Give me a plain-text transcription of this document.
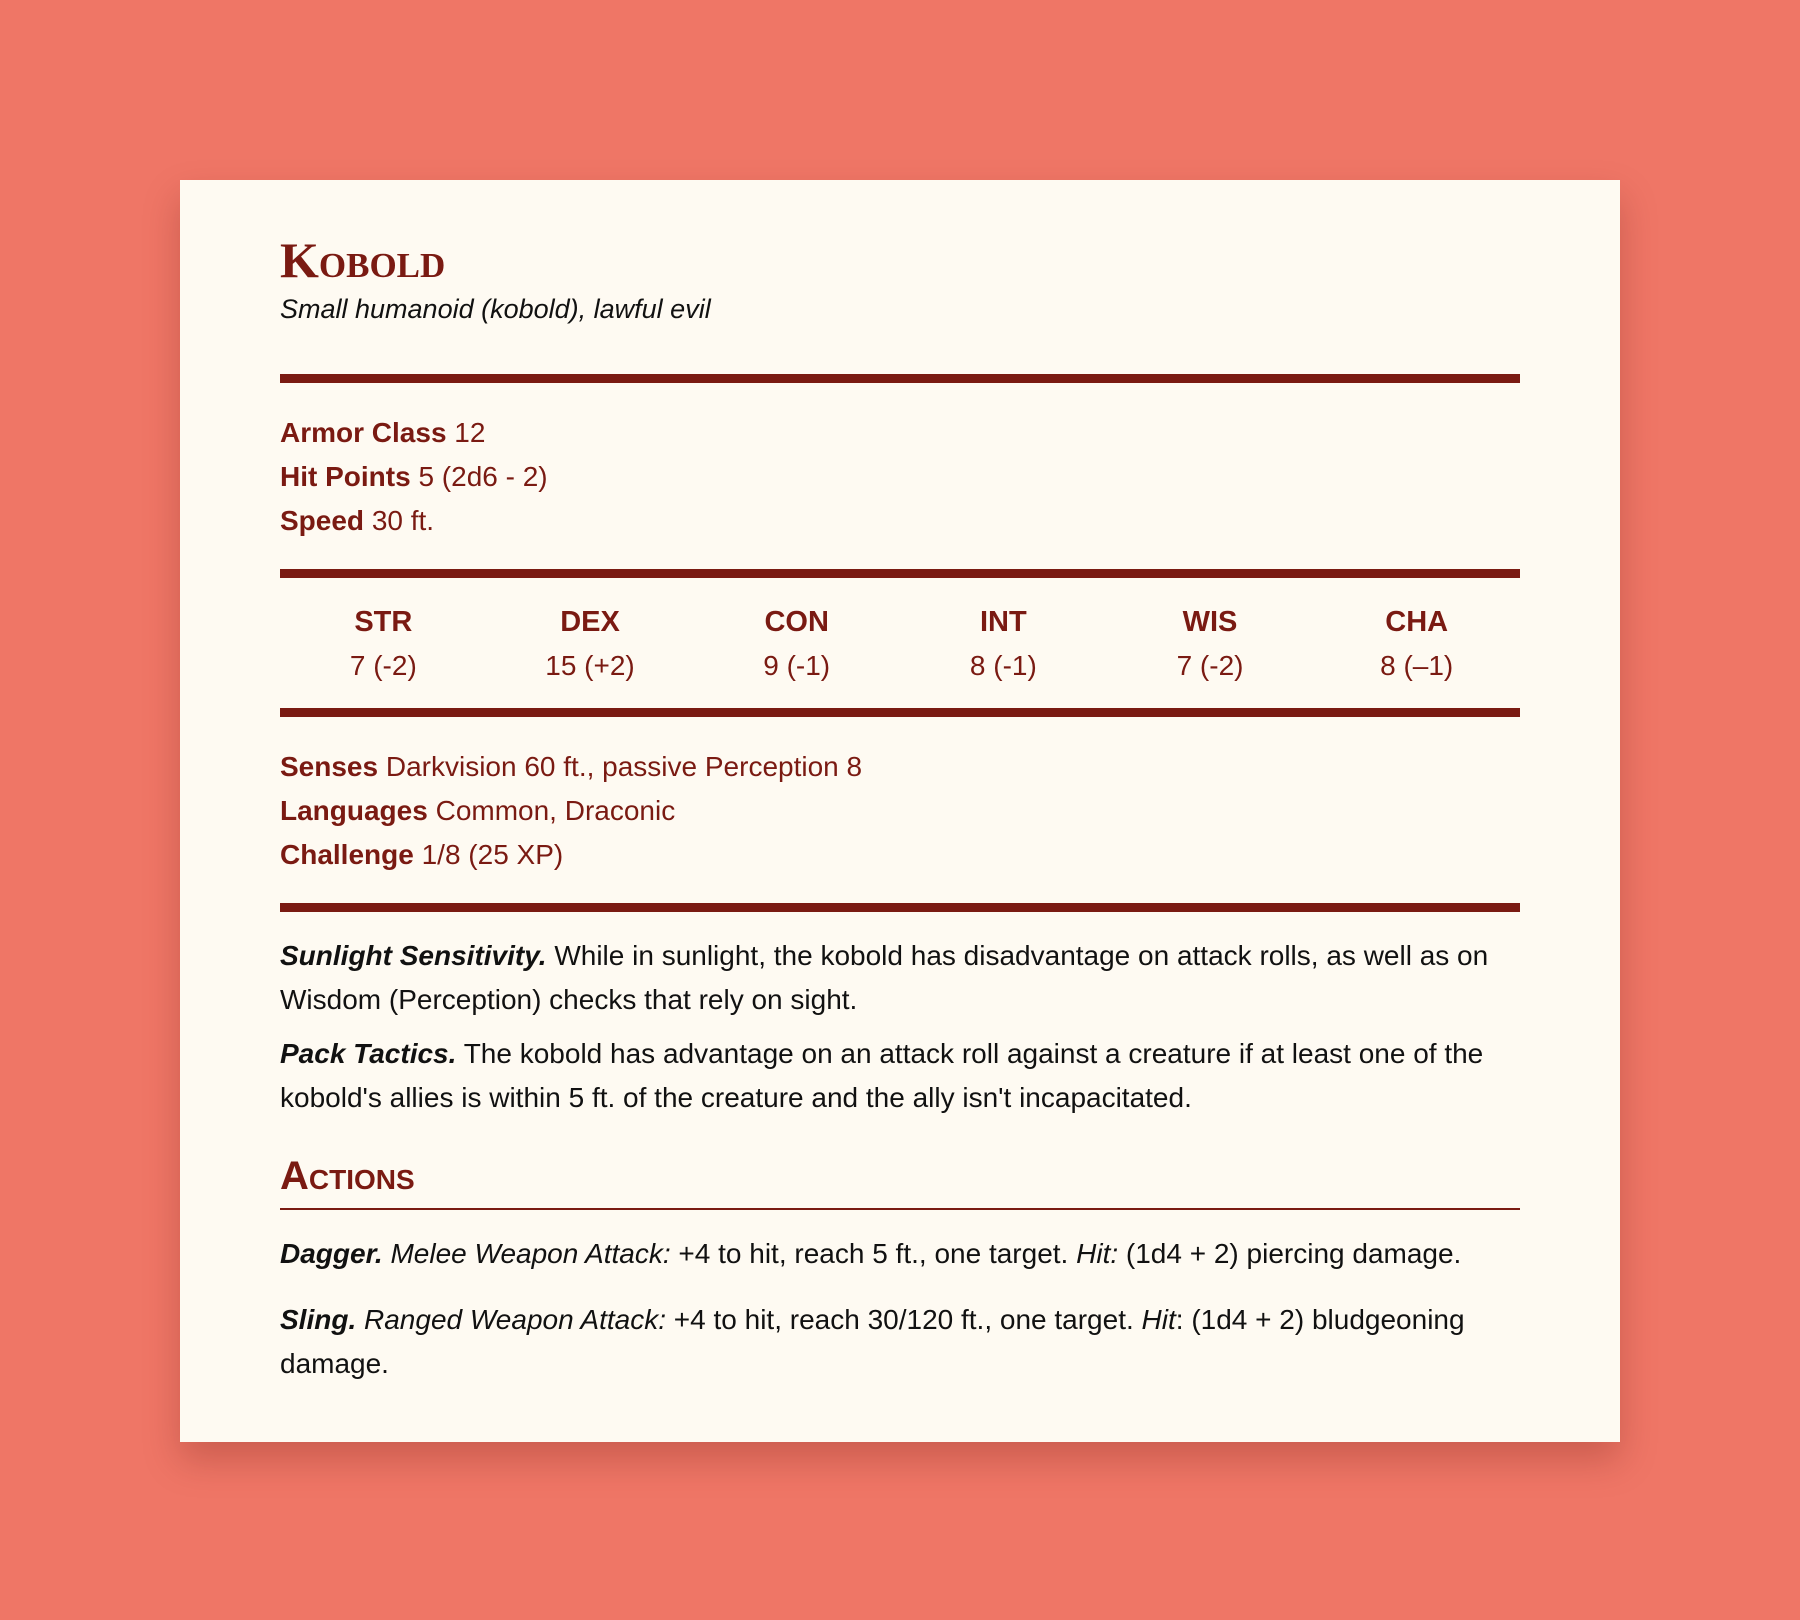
Kobold
Small humanoid (kobold), lawful evil
Armor Class 12
Hit Points 5 (2d6 - 2)
Speed 30 ft.
STR
7 (-2)
DEX
15 (+2)
CON
9 (-1)
INT
8 (-1)
WIS
7 (-2)
CHA
8 (–1)
Senses Darkvision 60 ft., passive Perception 8
Languages Common, Draconic
Challenge 1/8 (25 XP)
Sunlight Sensitivity. While in sunlight, the kobold has disadvantage on attack rolls, as well as on Wisdom (Perception) checks that rely on sight.
Pack Tactics. The kobold has advantage on an attack roll against a creature if at least one of the kobold's allies is within 5 ft. of the creature and the ally isn't incapacitated.
Actions
Dagger. Melee Weapon Attack: +4 to hit, reach 5 ft., one target. Hit: (1d4 + 2) piercing damage.
Sling. Ranged Weapon Attack: +4 to hit, reach 30/120 ft., one target. Hit: (1d4 + 2) bludgeoning damage.
